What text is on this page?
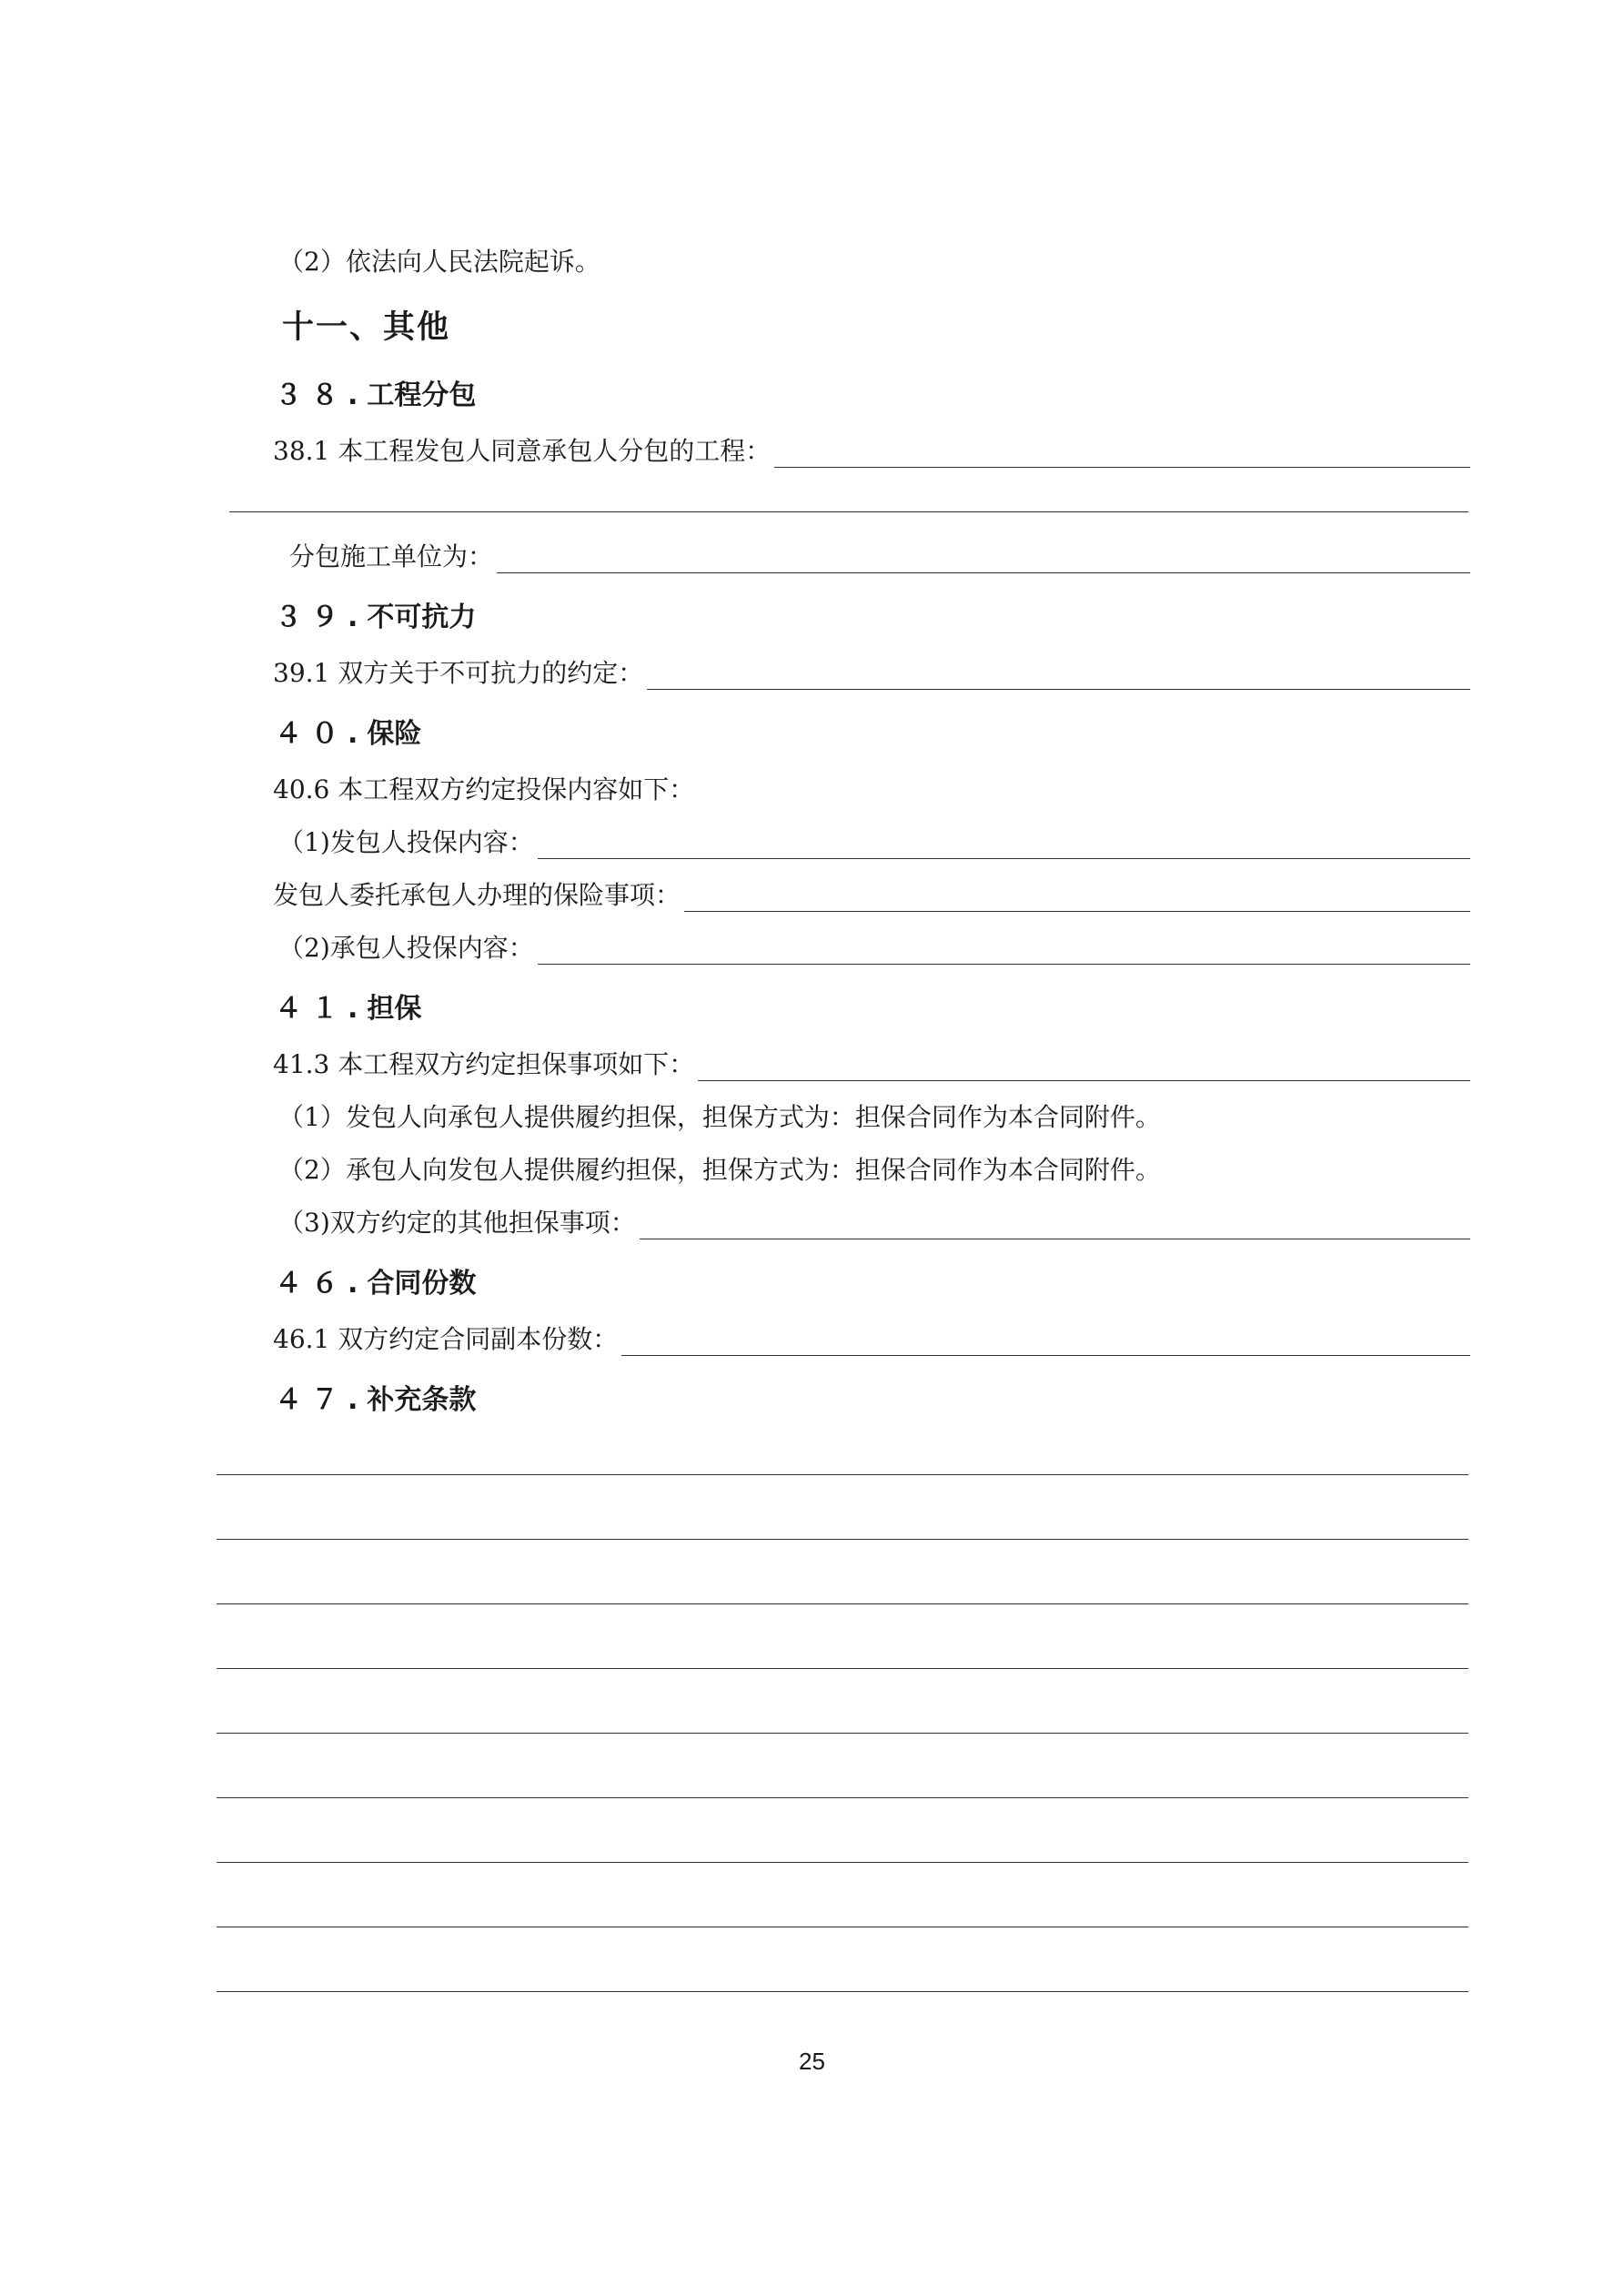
（2）依法向人民法院起诉。
十一、其他
３８.工程分包
38.1 本工程发包人同意承包人分包的工程：
分包施工单位为：
３９.不可抗力
39.1 双方关于不可抗力的约定：
４０.保险
40.6 本工程双方约定投保内容如下：
（1)发包人投保内容：
发包人委托承包人办理的保险事项：
（2)承包人投保内容：
４１.担保
41.3 本工程双方约定担保事项如下：
（1）发包人向承包人提供履约担保，担保方式为：担保合同作为本合同附件。
（2）承包人向发包人提供履约担保，担保方式为：担保合同作为本合同附件。
（3)双方约定的其他担保事项：
４６.合同份数
46.1 双方约定合同副本份数：
４７.补充条款
25
